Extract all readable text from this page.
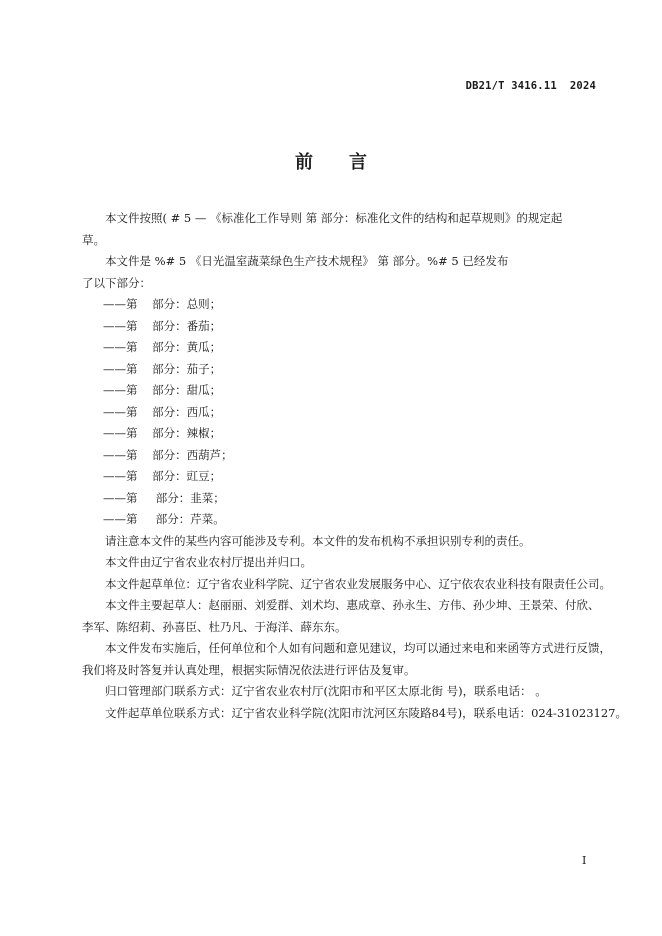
DB21/T 3416.11  2024
前言
本文件按照( # 5 — 《标准化工作导则 第 部分：标准化文件的结构和起草规则》的规定起
草。
本文件是 %# 5 《日光温室蔬菜绿色生产技术规程》 第 部分。%# 5 已经发布
了以下部分：
——第    部分：总则；
——第    部分：番茄；
——第    部分：黄瓜；
——第    部分：茄子；
——第    部分：甜瓜；
——第    部分：西瓜；
——第    部分：辣椒；
——第    部分：西葫芦；
——第    部分：豇豆；
——第     部分：韭菜；
——第     部分：芹菜。
请注意本文件的某些内容可能涉及专利。本文件的发布机构不承担识别专利的责任。
本文件由辽宁省农业农村厅提出并归口。
本文件起草单位：辽宁省农业科学院、辽宁省农业发展服务中心、辽宁依农农业科技有限责任公司。
本文件主要起草人：赵丽丽、刘爱群、刘术均、惠成章、孙永生、方伟、孙少坤、王景荣、付欣、
李军、陈绍莉、孙喜臣、杜乃凡、于海洋、薛东东。
本文件发布实施后，任何单位和个人如有问题和意见建议，均可以通过来电和来函等方式进行反馈，
我们将及时答复并认真处理，根据实际情况依法进行评估及复审。
归口管理部门联系方式：辽宁省农业农村厅(沈阳市和平区太原北街 号)，联系电话： 。
文件起草单位联系方式：辽宁省农业科学院(沈阳市沈河区东陵路84号)，联系电话：024-31023127。
I
